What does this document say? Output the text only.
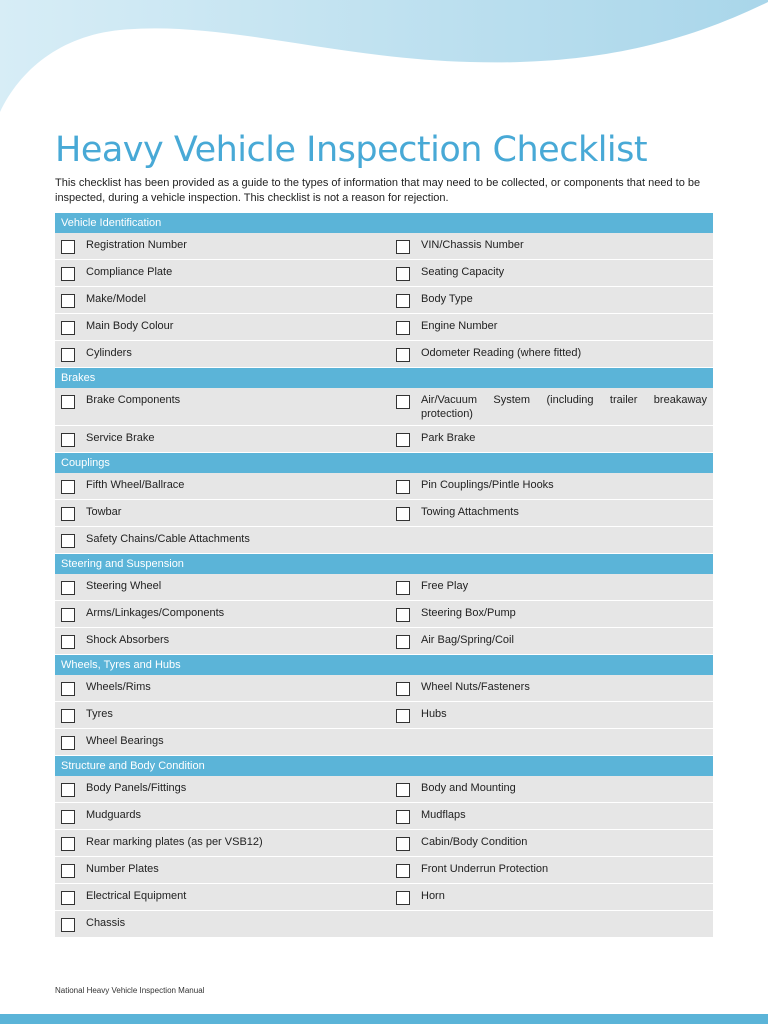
Heavy Vehicle Inspection Checklist

This checklist has been provided as a guide to the types of information that may need to be collected, or components that need to be inspected, during a vehicle inspection. This checklist is not a reason for rejection.

Vehicle Identification
Registration Number	VIN/Chassis Number
Compliance Plate	Seating Capacity
Make/Model	Body Type
Main Body Colour	Engine Number
Cylinders	Odometer Reading (where fitted)
Brakes
Brake Components	Air/Vacuum System (including trailer breakaway protection)
Service Brake	Park Brake
Couplings
Fifth Wheel/Ballrace	Pin Couplings/Pintle Hooks
Towbar	Towing Attachments
Safety Chains/Cable Attachments
Steering and Suspension
Steering Wheel	Free Play
Arms/Linkages/Components	Steering Box/Pump
Shock Absorbers	Air Bag/Spring/Coil
Wheels, Tyres and Hubs
Wheels/Rims	Wheel Nuts/Fasteners
Tyres	Hubs
Wheel Bearings
Structure and Body Condition
Body Panels/Fittings	Body and Mounting
Mudguards	Mudflaps
Rear marking plates (as per VSB12)	Cabin/Body Condition
Number Plates	Front Underrun Protection
Electrical Equipment	Horn
Chassis
National Heavy Vehicle Inspection Manual
